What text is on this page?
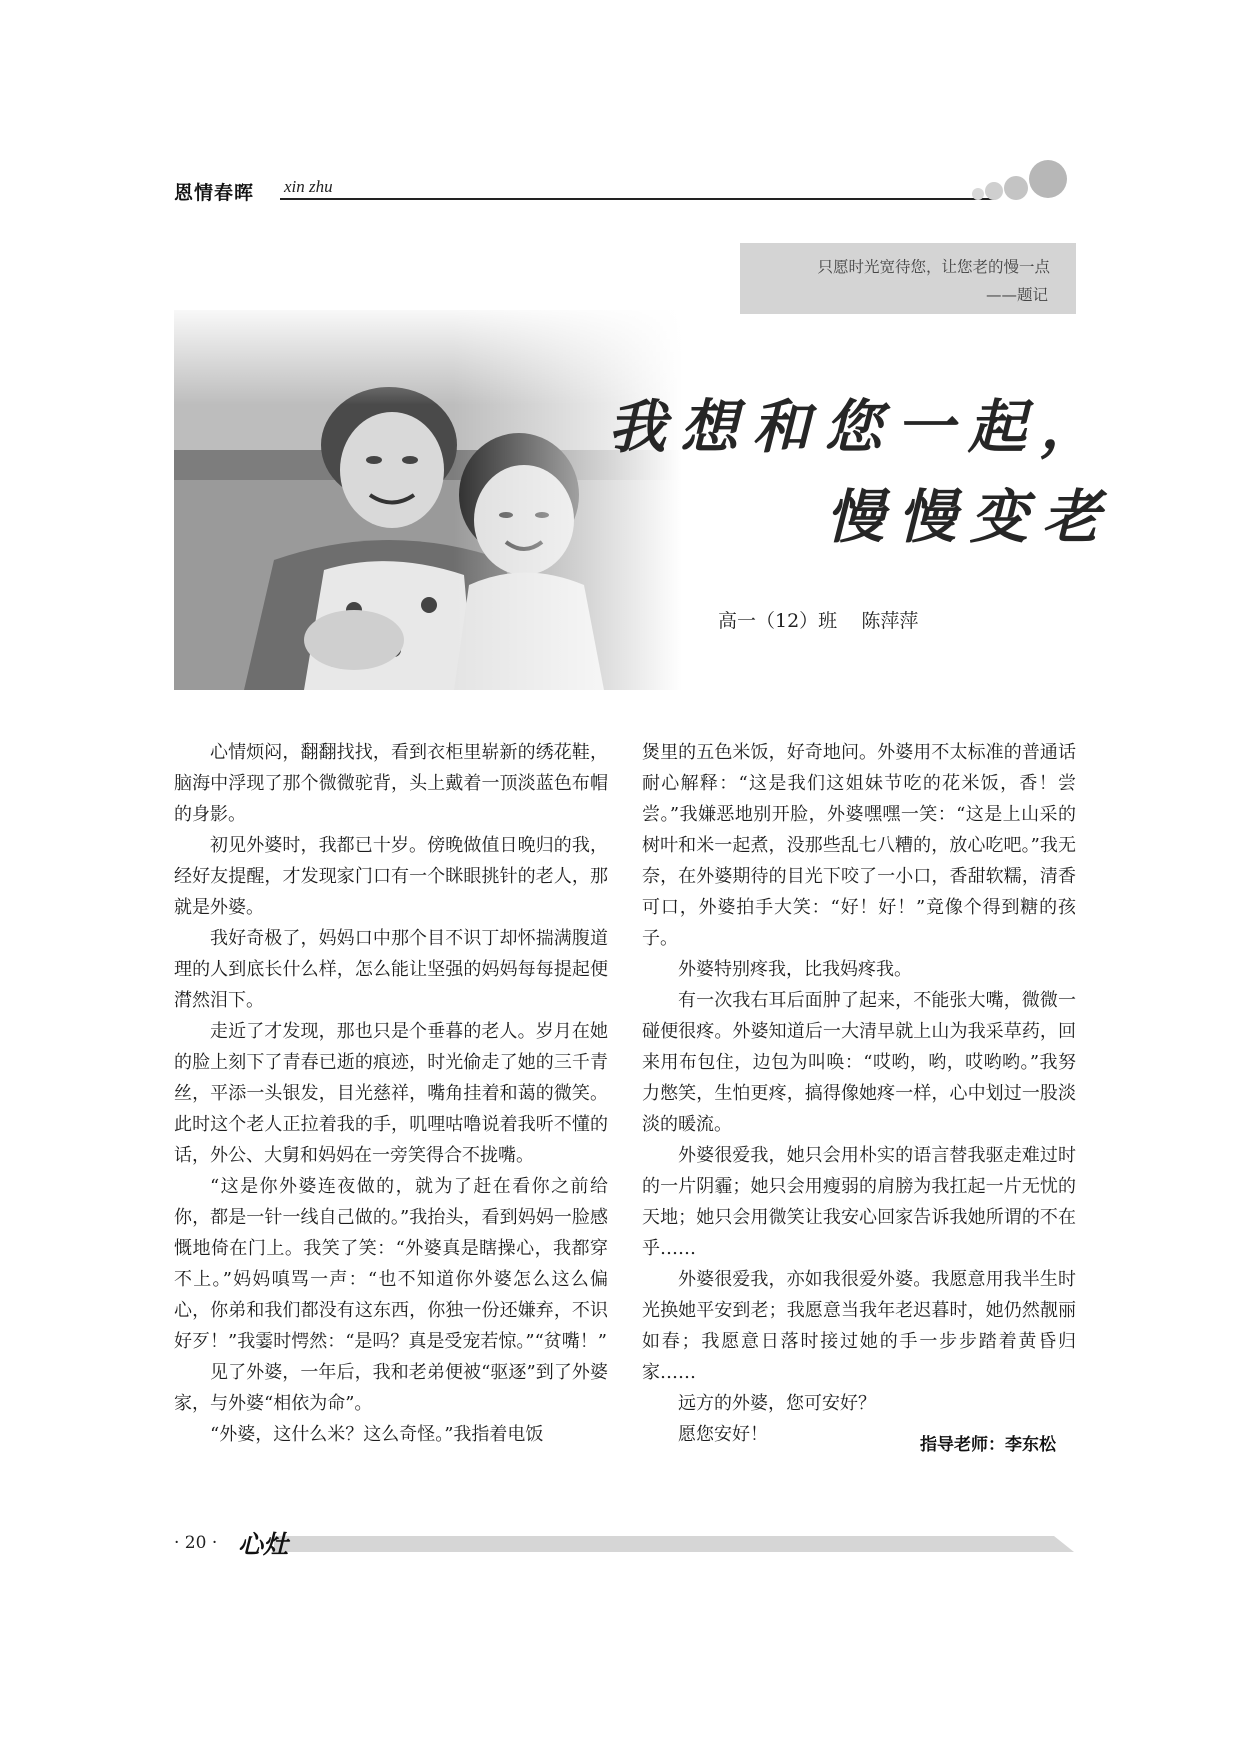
恩情春晖 xin zhu
只愿时光宽待您，让您老的慢一点
——题记
我想和您一起，
慢慢变老
高一（12）班    陈萍萍

心情烦闷，翻翻找找，看到衣柜里崭新的绣花鞋，脑海中浮现了那个微微驼背，头上戴着一顶淡蓝色布帽的身影。

初见外婆时，我都已十岁。傍晚做值日晚归的我，经好友提醒，才发现家门口有一个眯眼挑针的老人，那就是外婆。

我好奇极了，妈妈口中那个目不识丁却怀揣满腹道理的人到底长什么样，怎么能让坚强的妈妈每每提起便潸然泪下。

走近了才发现，那也只是个垂暮的老人。岁月在她的脸上刻下了青春已逝的痕迹，时光偷走了她的三千青丝，平添一头银发，目光慈祥，嘴角挂着和蔼的微笑。此时这个老人正拉着我的手，叽哩咕噜说着我听不懂的话，外公、大舅和妈妈在一旁笑得合不拢嘴。

“这是你外婆连夜做的，就为了赶在看你之前给你，都是一针一线自己做的。”我抬头，看到妈妈一脸感慨地倚在门上。我笑了笑：“外婆真是瞎操心，我都穿不上。”妈妈嗔骂一声：“也不知道你外婆怎么这么偏心，你弟和我们都没有这东西，你独一份还嫌弃，不识好歹！”我霎时愕然：“是吗？真是受宠若惊。”“贫嘴！”

见了外婆，一年后，我和老弟便被“驱逐”到了外婆家，与外婆“相依为命”。

“外婆，这什么米？这么奇怪。”我指着电饭

煲里的五色米饭，好奇地问。外婆用不太标准的普通话耐心解释：“这是我们这姐妹节吃的花米饭，香！尝尝。”我嫌恶地别开脸，外婆嘿嘿一笑：“这是上山采的树叶和米一起煮，没那些乱七八糟的，放心吃吧。”我无奈，在外婆期待的目光下咬了一小口，香甜软糯，清香可口，外婆拍手大笑：“好！好！”竟像个得到糖的孩子。

外婆特别疼我，比我妈疼我。

有一次我右耳后面肿了起来，不能张大嘴，微微一碰便很疼。外婆知道后一大清早就上山为我采草药，回来用布包住，边包为叫唤：“哎哟，哟，哎哟哟。”我努力憋笑，生怕更疼，搞得像她疼一样，心中划过一股淡淡的暖流。

外婆很爱我，她只会用朴实的语言替我驱走难过时的一片阴霾；她只会用瘦弱的肩膀为我扛起一片无忧的天地；她只会用微笑让我安心回家告诉我她所谓的不在乎……

外婆很爱我，亦如我很爱外婆。我愿意用我半生时光换她平安到老；我愿意当我年老迟暮时，她仍然靓丽如春；我愿意日落时接过她的手一步步踏着黄昏归家……

远方的外婆，您可安好？

愿您安好！	指导老师：李东松
· 20 · 心灶
